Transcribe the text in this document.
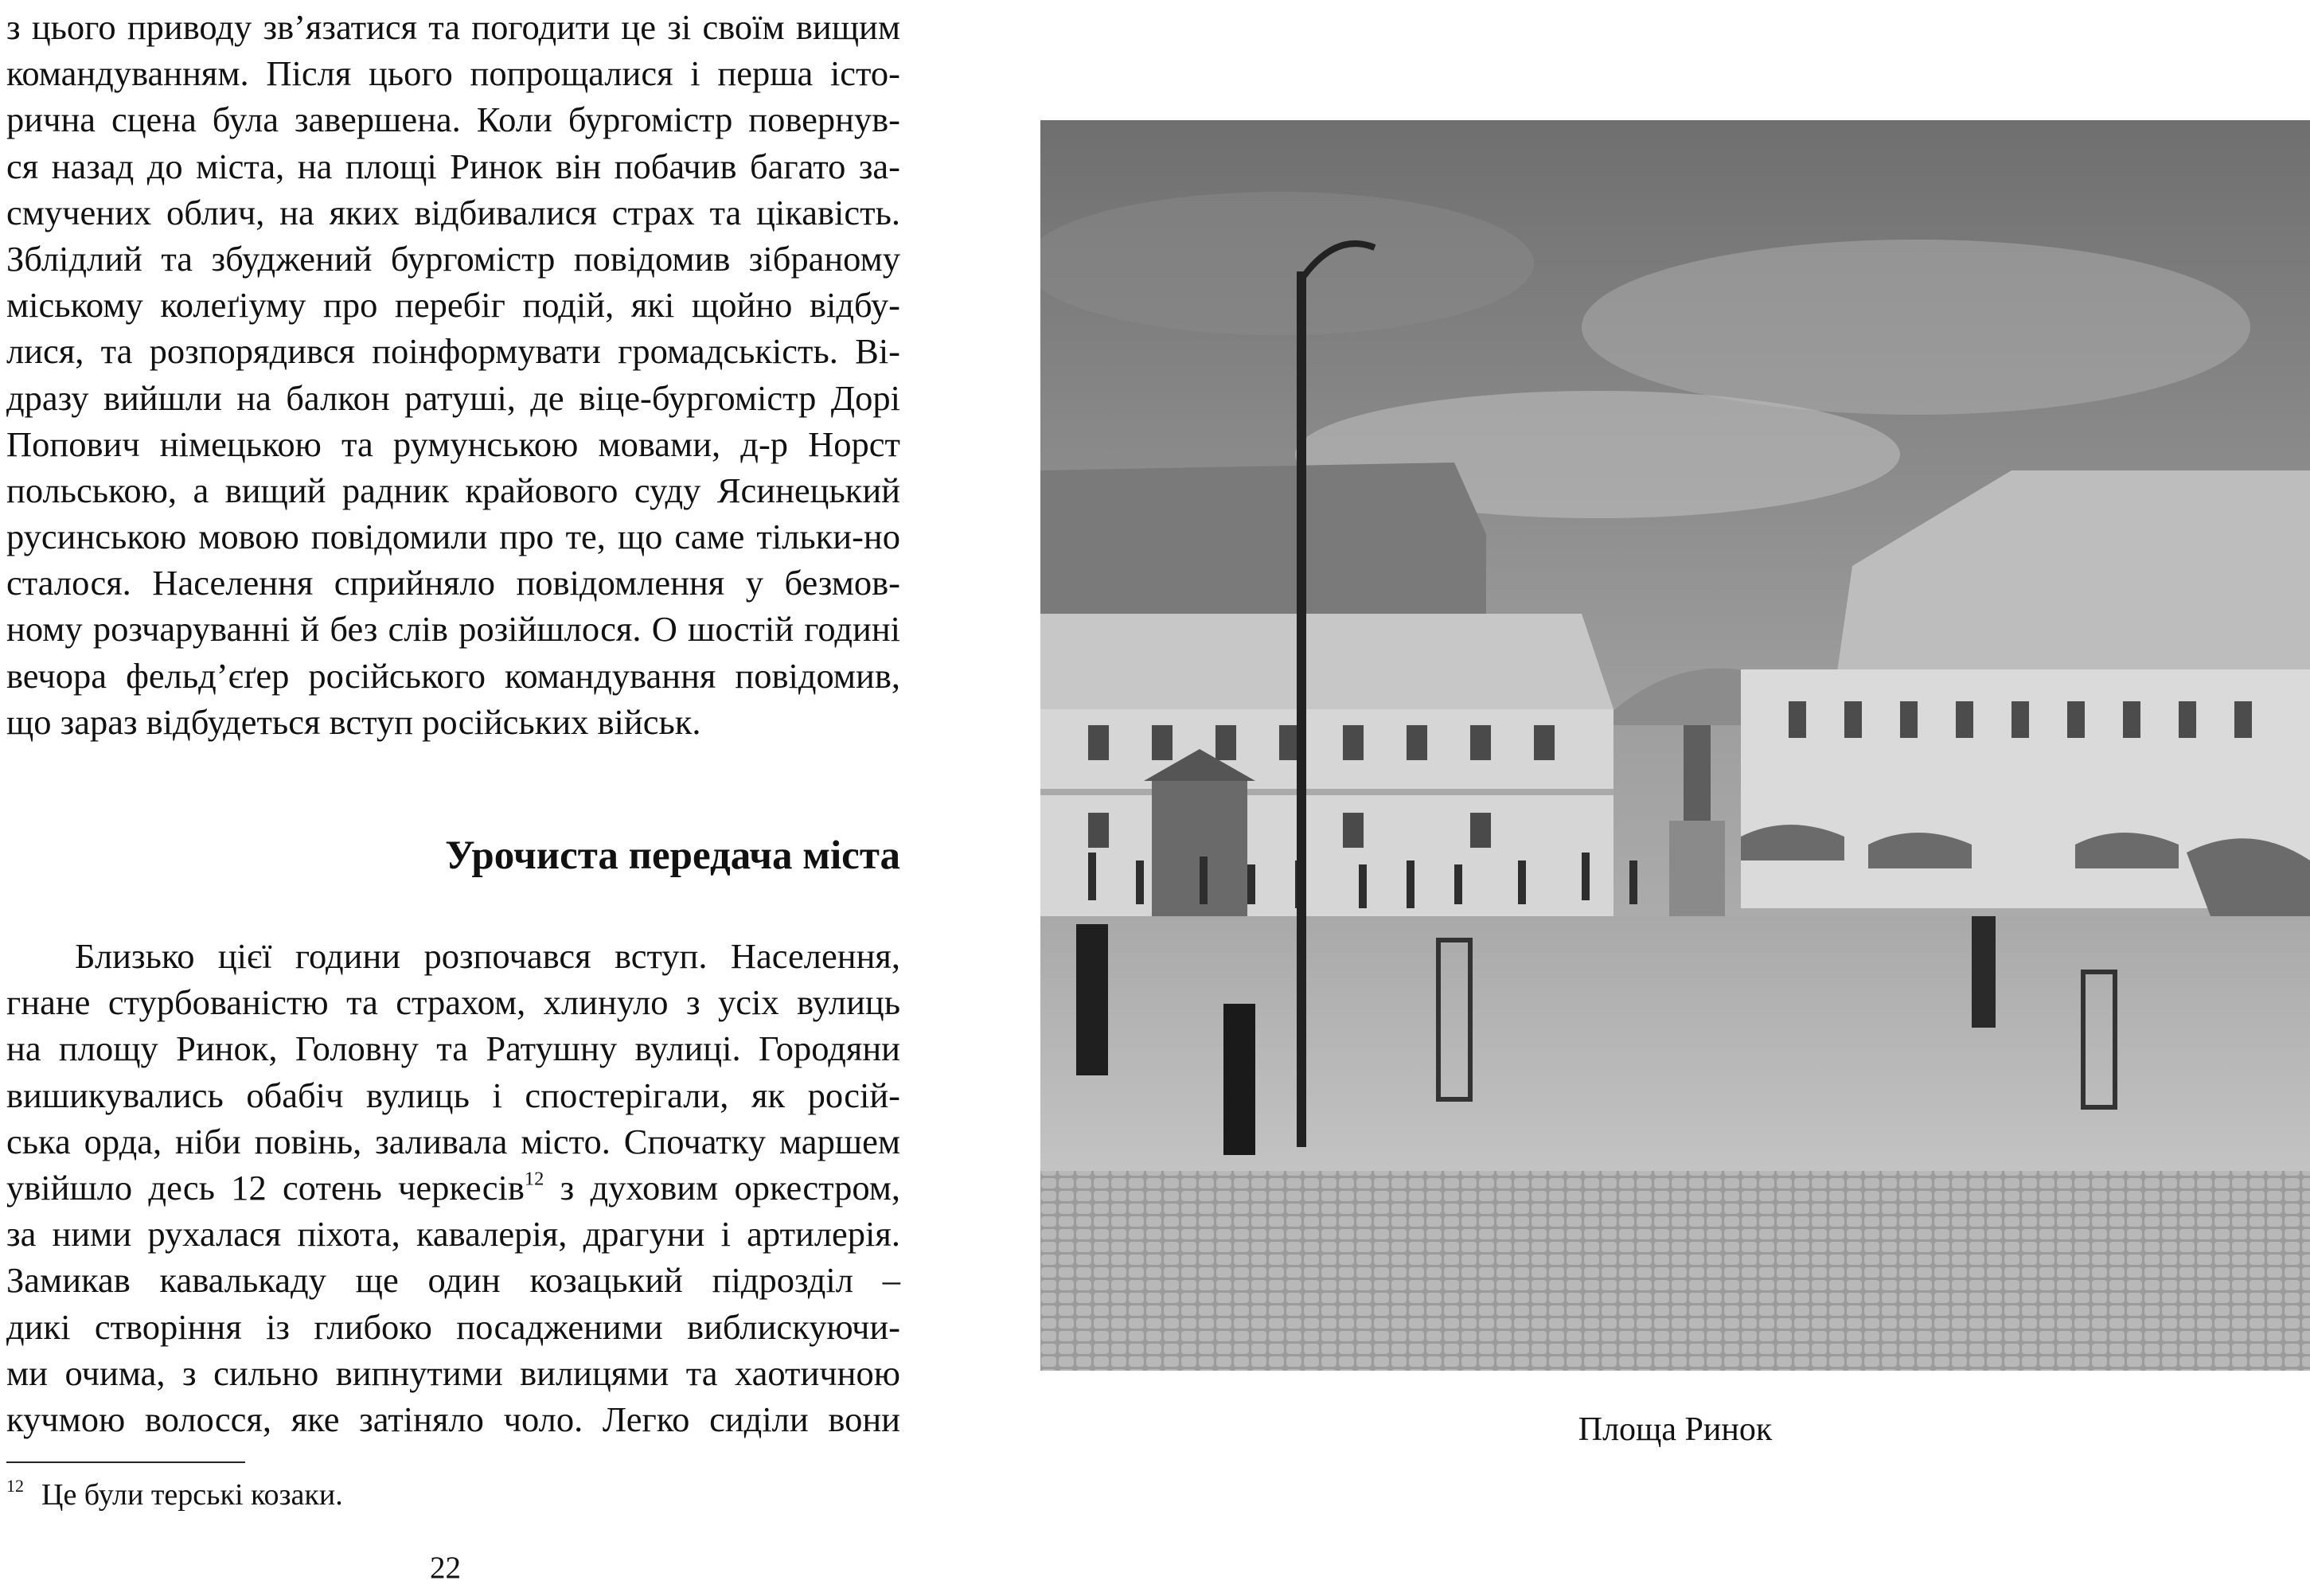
з цього приводу зв’язатися та погодити це зі своїм вищим
командуванням. Після цього попрощалися і перша істо-
рична сцена була завершена. Коли бургомістр повернув-
ся назад до міста, на площі Ринок він побачив багато за-
смучених облич, на яких відбивалися страх та цікавість.
Зблідлий та збуджений бургомістр повідомив зібраному
міському колеґіуму про перебіг подій, які щойно відбу-
лися, та розпорядився поінформувати громадськість. Ві-
дразу вийшли на балкон ратуші, де віце-бургомістр Дорі
Попович німецькою та румунською мовами, д-р Норст
польською, а вищий радник крайового суду Ясинецький
русинською мовою повідомили про те, що саме тільки-но
сталося. Населення сприйняло повідомлення у безмов-
ному розчаруванні й без слів розійшлося. О шостій годині
вечора фельд’єґер російського командування повідомив,
що зараз відбудеться вступ російських військ.
Урочиста передача міста
Близько цієї години розпочався вступ. Населення,
гнане стурбованістю та страхом, хлинуло з усіх вулиць
на площу Ринок, Головну та Ратушну вулиці. Городяни
вишикувались обабіч вулиць і спостерігали, як росій-
ська орда, ніби повінь, заливала місто. Спочатку маршем
увійшло десь 12 сотень черкесів$^{12}$ з духовим оркестром,
за ними рухалася піхота, кавалерія, драгуни і артилерія.
Замикав кавалькаду ще один козацький підрозділ –
дикі створіння із глибоко посадженими виблискуючи-
ми очима, з сильно випнутими вилицями та хаотичною
кучмою волосся, яке затіняло чоло. Легко сиділи вони
$^{12}$ Це були терські козаки.
22
Площа Ринок
